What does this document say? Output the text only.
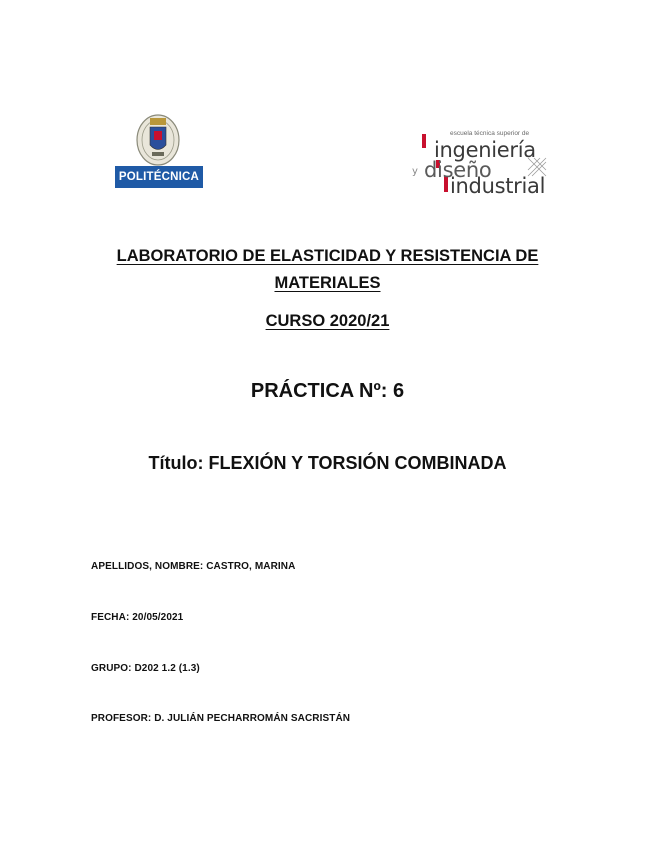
POLITÉCNICA
escuela técnica superior de
ingeniería
y diseño
industrial
LABORATORIO DE ELASTICIDAD Y RESISTENCIA DE
MATERIALES
CURSO 2020/21
PRÁCTICA Nº: 6
Título: FLEXIÓN Y TORSIÓN COMBINADA
APELLIDOS, NOMBRE: CASTRO, MARINA
FECHA: 20/05/2021
GRUPO: D202 1.2 (1.3)
PROFESOR: D. JULIÁN PECHARROMÁN SACRISTÁN
